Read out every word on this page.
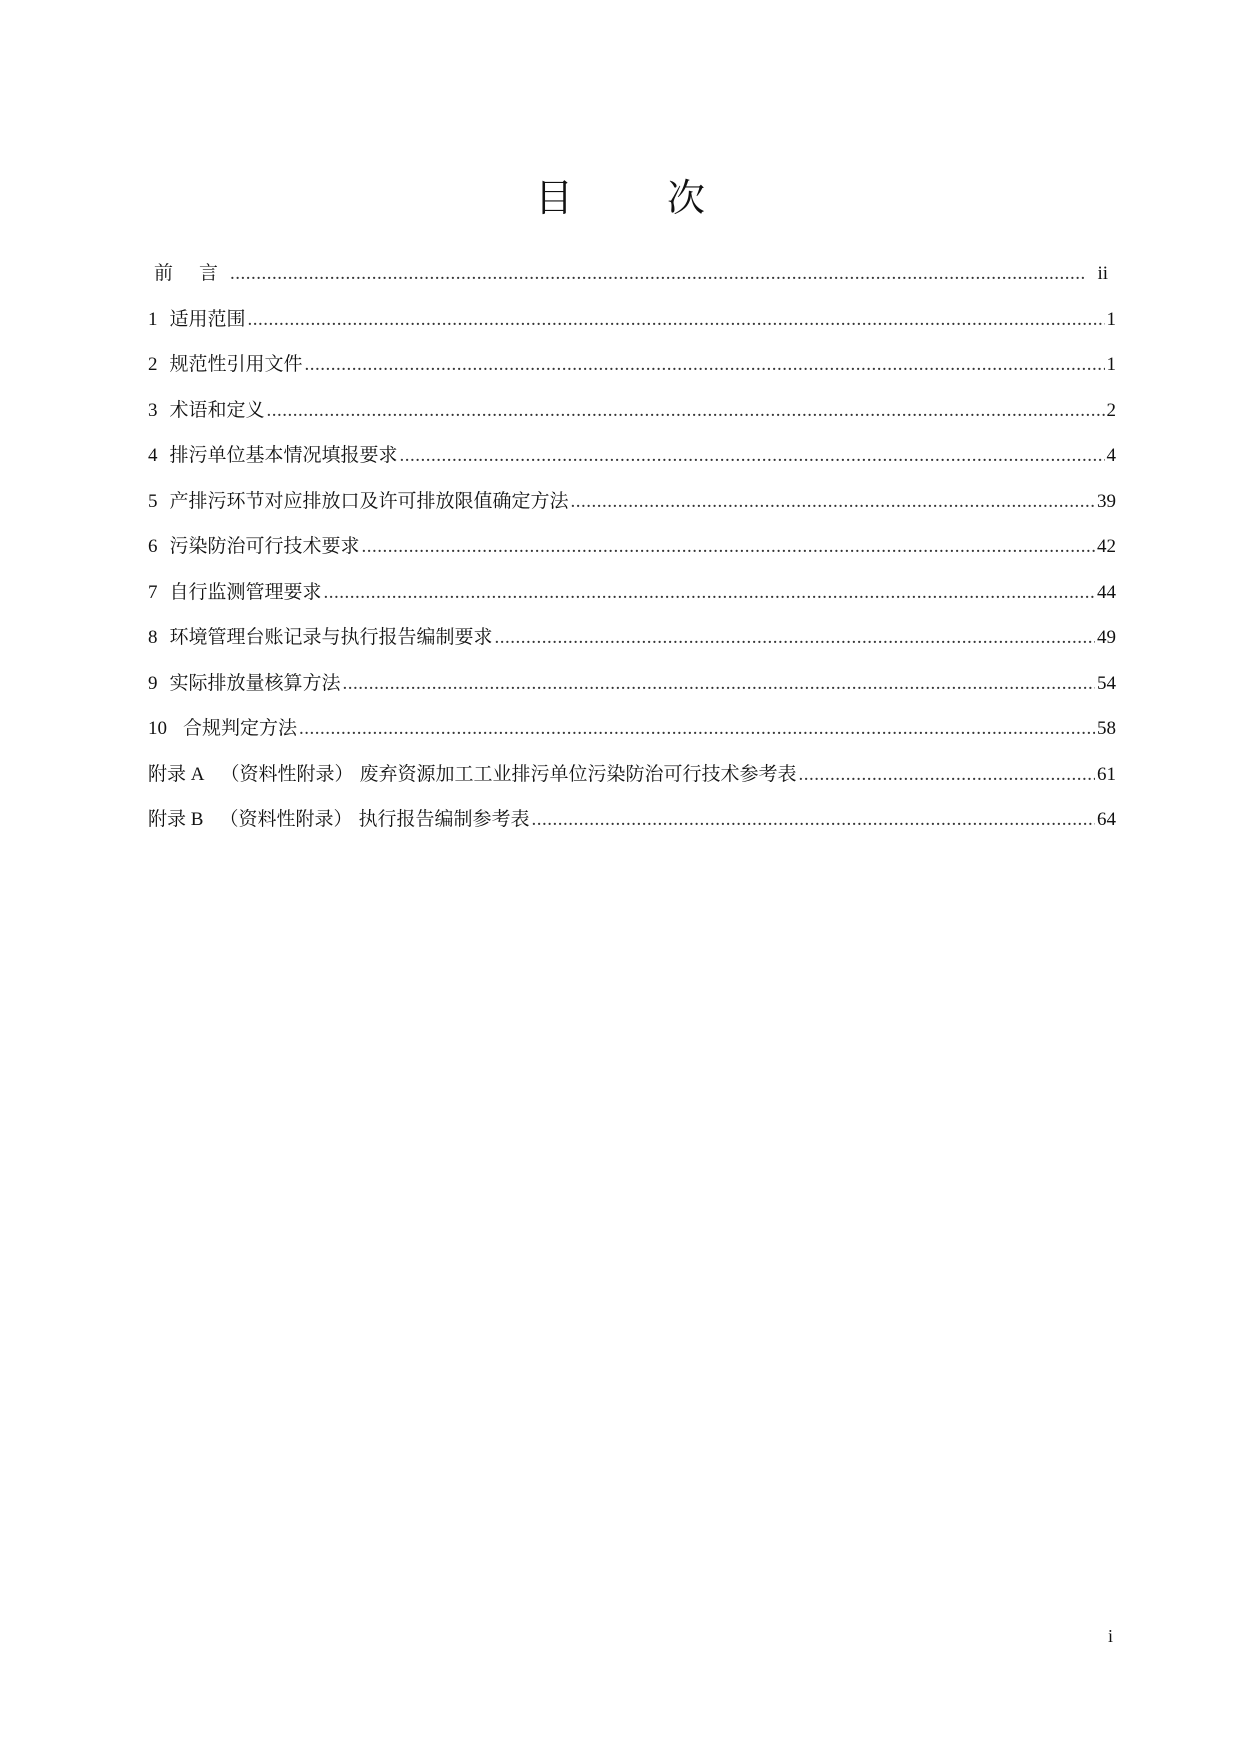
目　次
前 言 .....	ii
1 适用范围 .....	1
2 规范性引用文件 .....	1
3 术语和定义 .....	2
4 排污单位基本情况填报要求 .....	4
5 产排污环节对应排放口及许可排放限值确定方法 .....	39
6 污染防治可行技术要求 .....	42
7 自行监测管理要求 .....	44
8 环境管理台账记录与执行报告编制要求 .....	49
9 实际排放量核算方法 .....	54
10 合规判定方法 .....	58
附录 A （资料性附录） 废弃资源加工工业排污单位污染防治可行技术参考表 .....	61
附录 B （资料性附录） 执行报告编制参考表 .....	64
i
